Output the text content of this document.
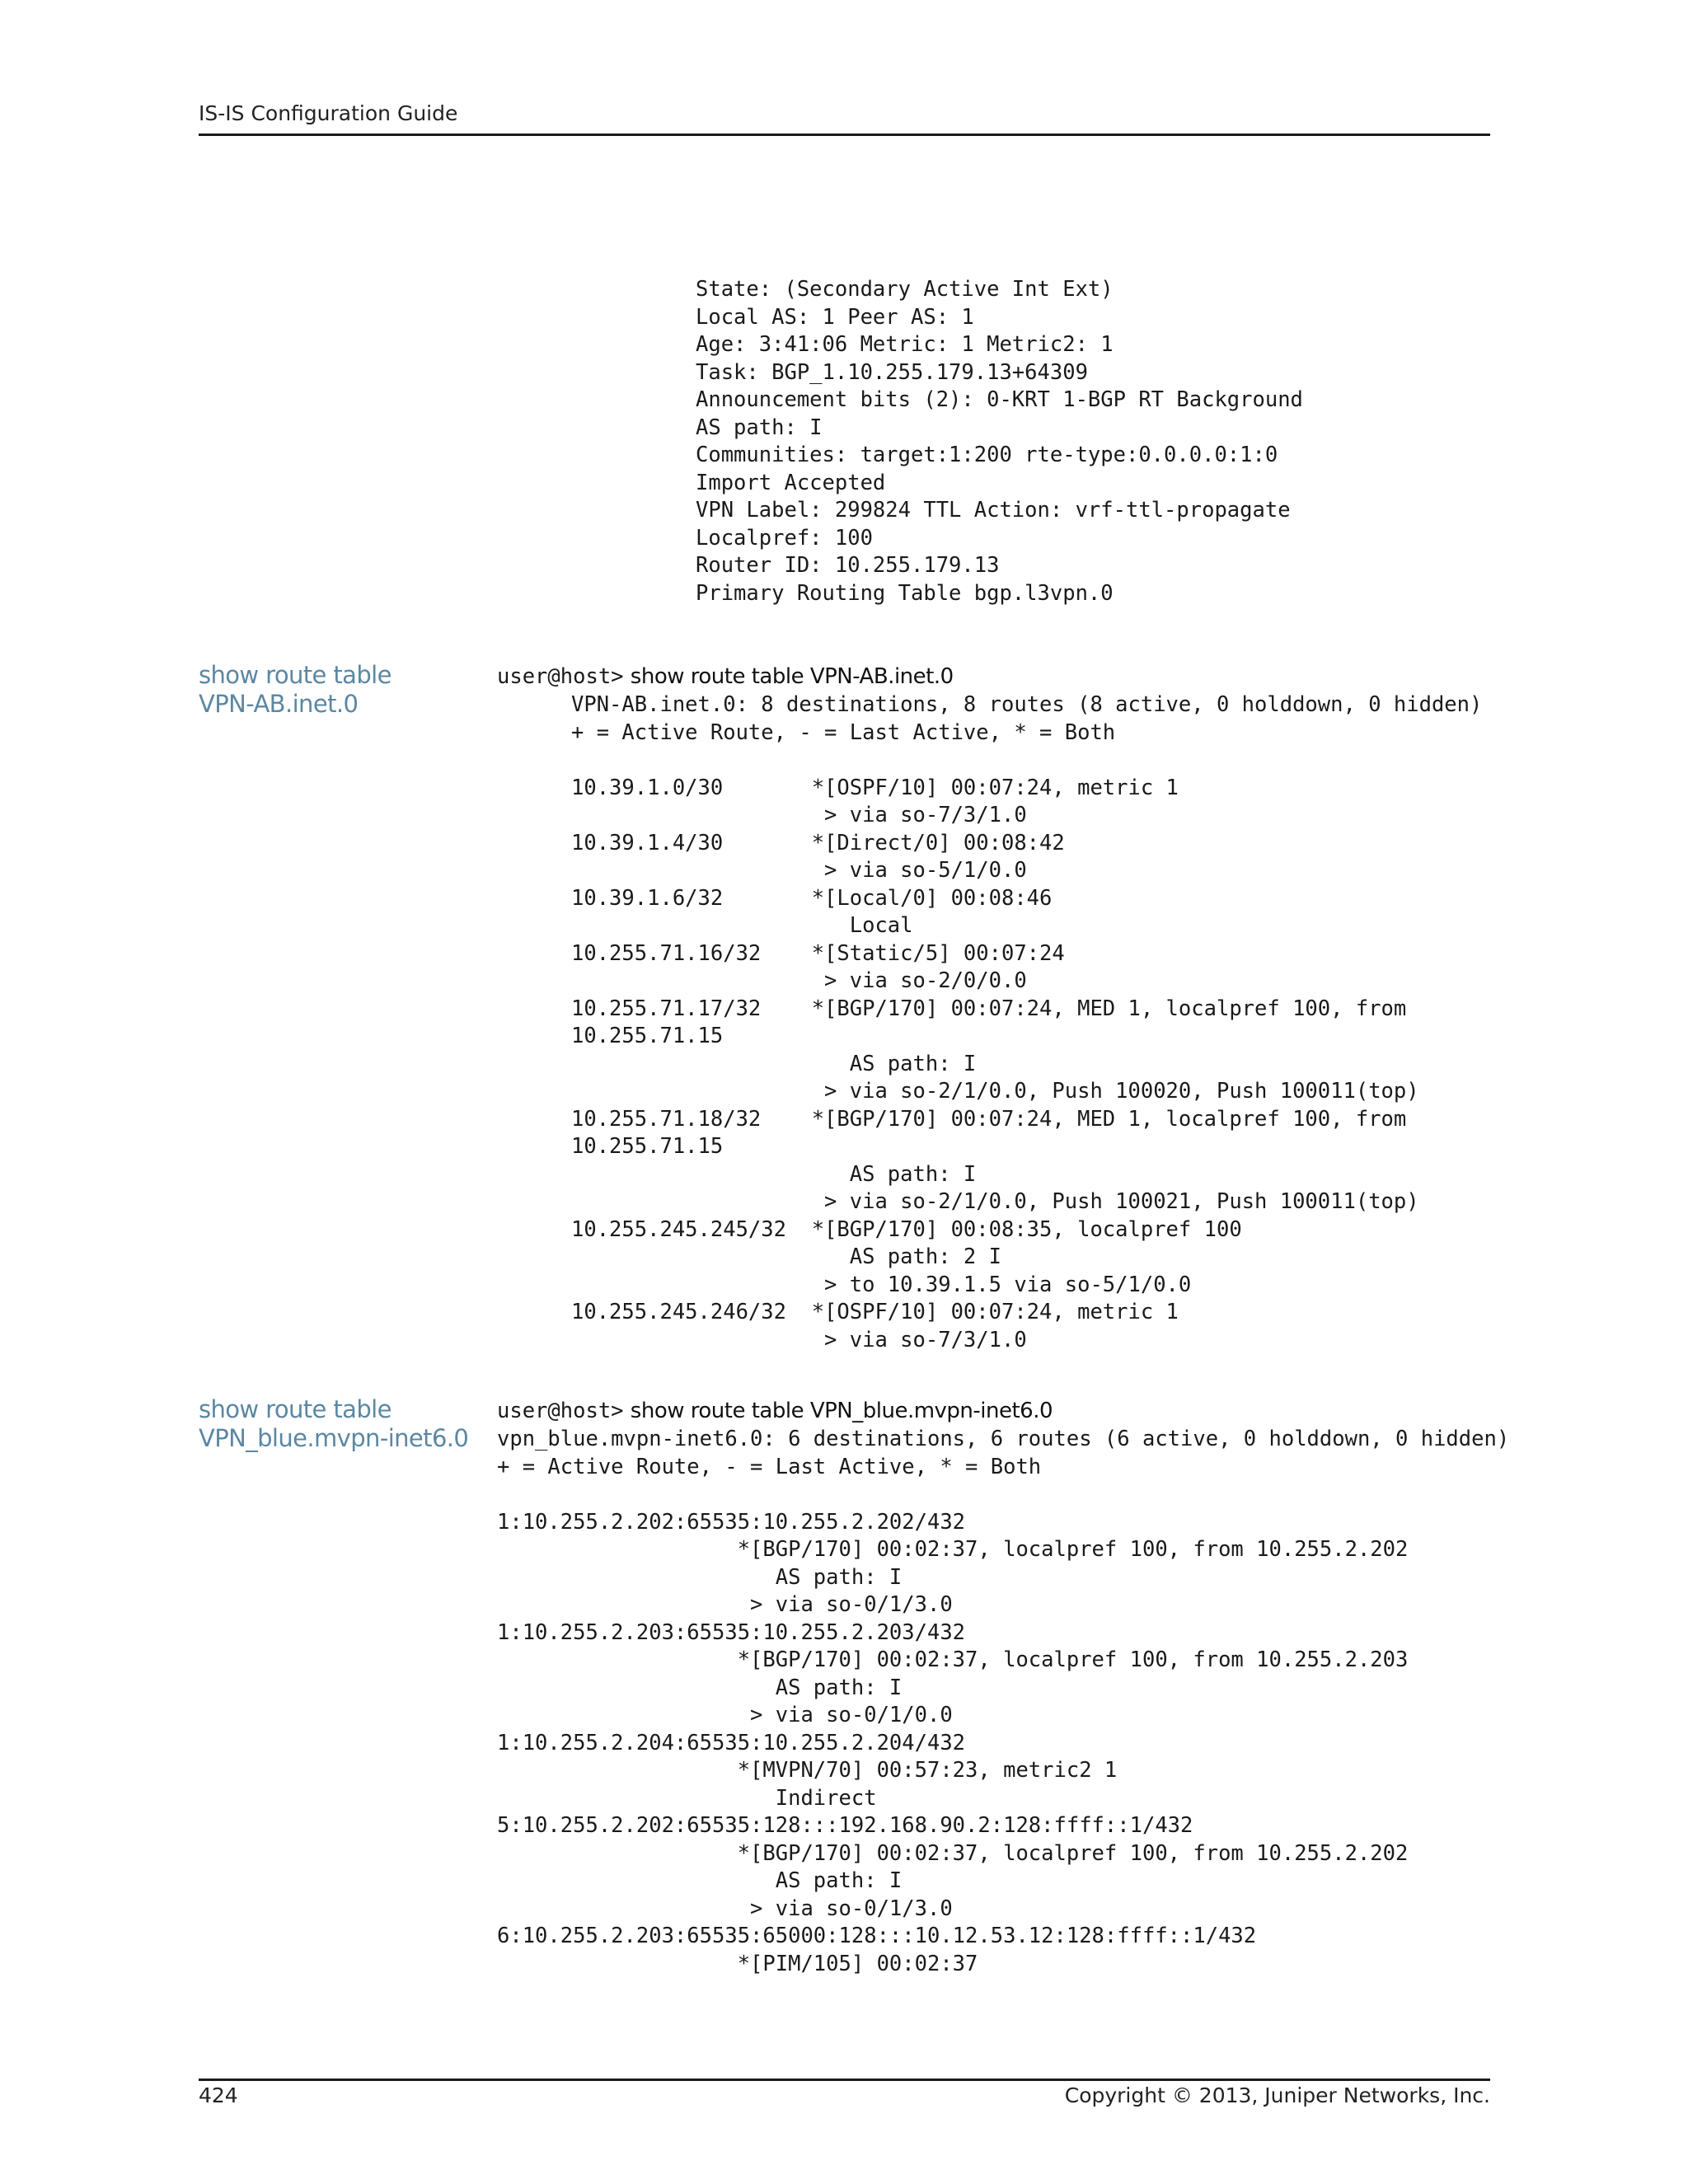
IS-IS Configuration Guide
State: (Secondary Active Int Ext)
Local AS: 1 Peer AS: 1
Age: 3:41:06 Metric: 1 Metric2: 1
Task: BGP_1.10.255.179.13+64309
Announcement bits (2): 0-KRT 1-BGP RT Background
AS path: I
Communities: target:1:200 rte-type:0.0.0.0:1:0
Import Accepted
VPN Label: 299824 TTL Action: vrf-ttl-propagate
Localpref: 100
Router ID: 10.255.179.13
Primary Routing Table bgp.l3vpn.0
show route table
VPN-AB.inet.0
user@host> show route table VPN-AB.inet.0
VPN-AB.inet.0: 8 destinations, 8 routes (8 active, 0 holddown, 0 hidden)
+ = Active Route, - = Last Active, * = Both

10.39.1.0/30       *[OSPF/10] 00:07:24, metric 1
> via so-7/3/1.0
10.39.1.4/30       *[Direct/0] 00:08:42
> via so-5/1/0.0
10.39.1.6/32       *[Local/0] 00:08:46
Local
10.255.71.16/32    *[Static/5] 00:07:24
> via so-2/0/0.0
10.255.71.17/32    *[BGP/170] 00:07:24, MED 1, localpref 100, from
10.255.71.15
AS path: I
> via so-2/1/0.0, Push 100020, Push 100011(top)
10.255.71.18/32    *[BGP/170] 00:07:24, MED 1, localpref 100, from
10.255.71.15
AS path: I
> via so-2/1/0.0, Push 100021, Push 100011(top)
10.255.245.245/32  *[BGP/170] 00:08:35, localpref 100
AS path: 2 I
> to 10.39.1.5 via so-5/1/0.0
10.255.245.246/32  *[OSPF/10] 00:07:24, metric 1
> via so-7/3/1.0
show route table
VPN_blue.mvpn-inet6.0
user@host> show route table VPN_blue.mvpn-inet6.0
vpn_blue.mvpn-inet6.0: 6 destinations, 6 routes (6 active, 0 holddown, 0 hidden)
+ = Active Route, - = Last Active, * = Both

1:10.255.2.202:65535:10.255.2.202/432
*[BGP/170] 00:02:37, localpref 100, from 10.255.2.202
AS path: I
> via so-0/1/3.0
1:10.255.2.203:65535:10.255.2.203/432
*[BGP/170] 00:02:37, localpref 100, from 10.255.2.203
AS path: I
> via so-0/1/0.0
1:10.255.2.204:65535:10.255.2.204/432
*[MVPN/70] 00:57:23, metric2 1
Indirect
5:10.255.2.202:65535:128:::192.168.90.2:128:ffff::1/432
*[BGP/170] 00:02:37, localpref 100, from 10.255.2.202
AS path: I
> via so-0/1/3.0
6:10.255.2.203:65535:65000:128:::10.12.53.12:128:ffff::1/432
*[PIM/105] 00:02:37
424	Copyright © 2013, Juniper Networks, Inc.
